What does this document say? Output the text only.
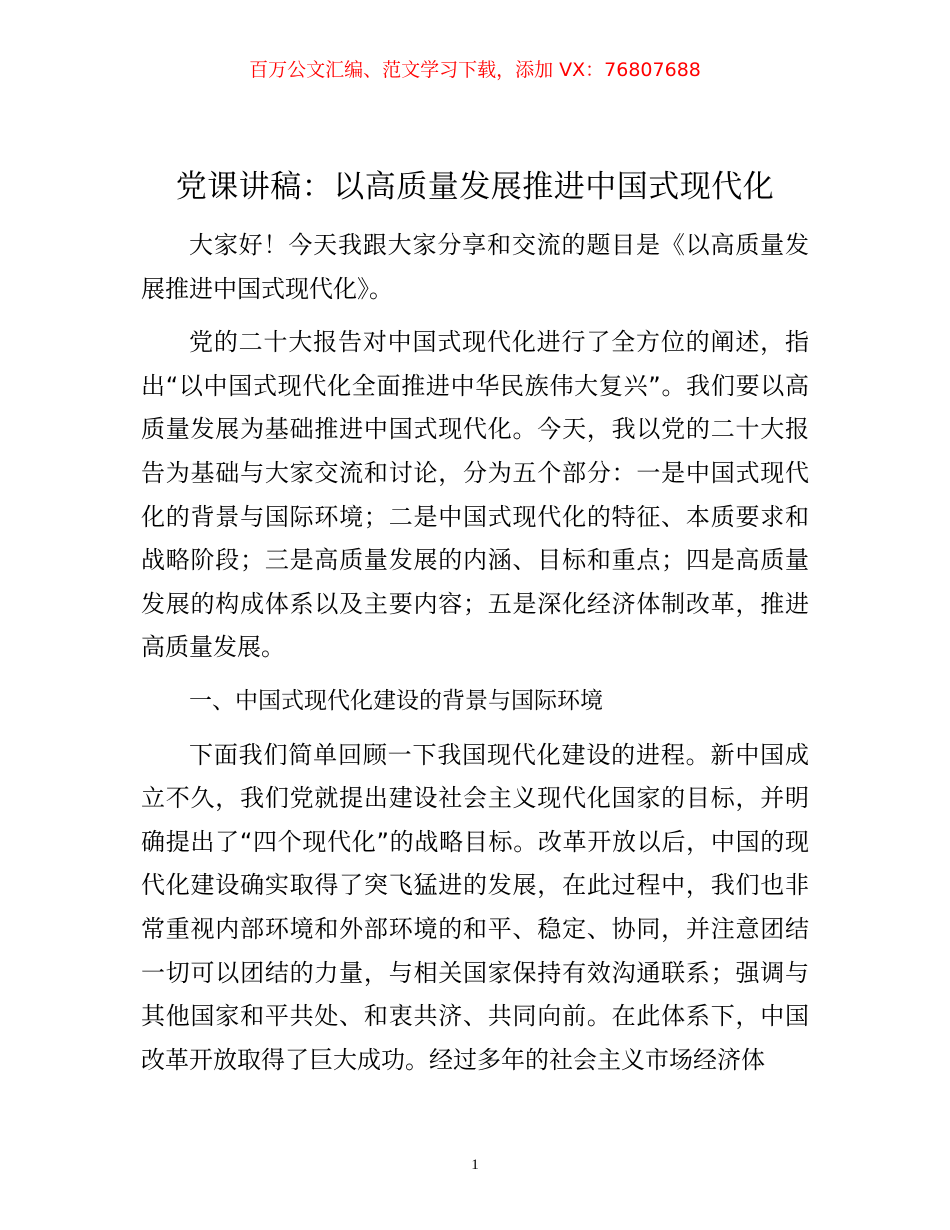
百万公文汇编、范文学习下载，添加 VX：76807688
党课讲稿：以高质量发展推进中国式现代化

大家好！今天我跟大家分享和交流的题目是《以高质量发展推进中国式现代化》。

党的二十大报告对中国式现代化进行了全方位的阐述，指出“以中国式现代化全面推进中华民族伟大复兴”。我们要以高质量发展为基础推进中国式现代化。今天，我以党的二十大报告为基础与大家交流和讨论，分为五个部分：一是中国式现代化的背景与国际环境；二是中国式现代化的特征、本质要求和战略阶段；三是高质量发展的内涵、目标和重点；四是高质量发展的构成体系以及主要内容；五是深化经济体制改革，推进高质量发展。

一、中国式现代化建设的背景与国际环境

下面我们简单回顾一下我国现代化建设的进程。新中国成立不久，我们党就提出建设社会主义现代化国家的目标，并明确提出了“四个现代化”的战略目标。改革开放以后，中国的现代化建设确实取得了突飞猛进的发展，在此过程中，我们也非常重视内部环境和外部环境的和平、稳定、协同，并注意团结一切可以团结的力量，与相关国家保持有效沟通联系；强调与其他国家和平共处、和衷共济、共同向前。在此体系下，中国改革开放取得了巨大成功。经过多年的社会主义市场经济体

1
